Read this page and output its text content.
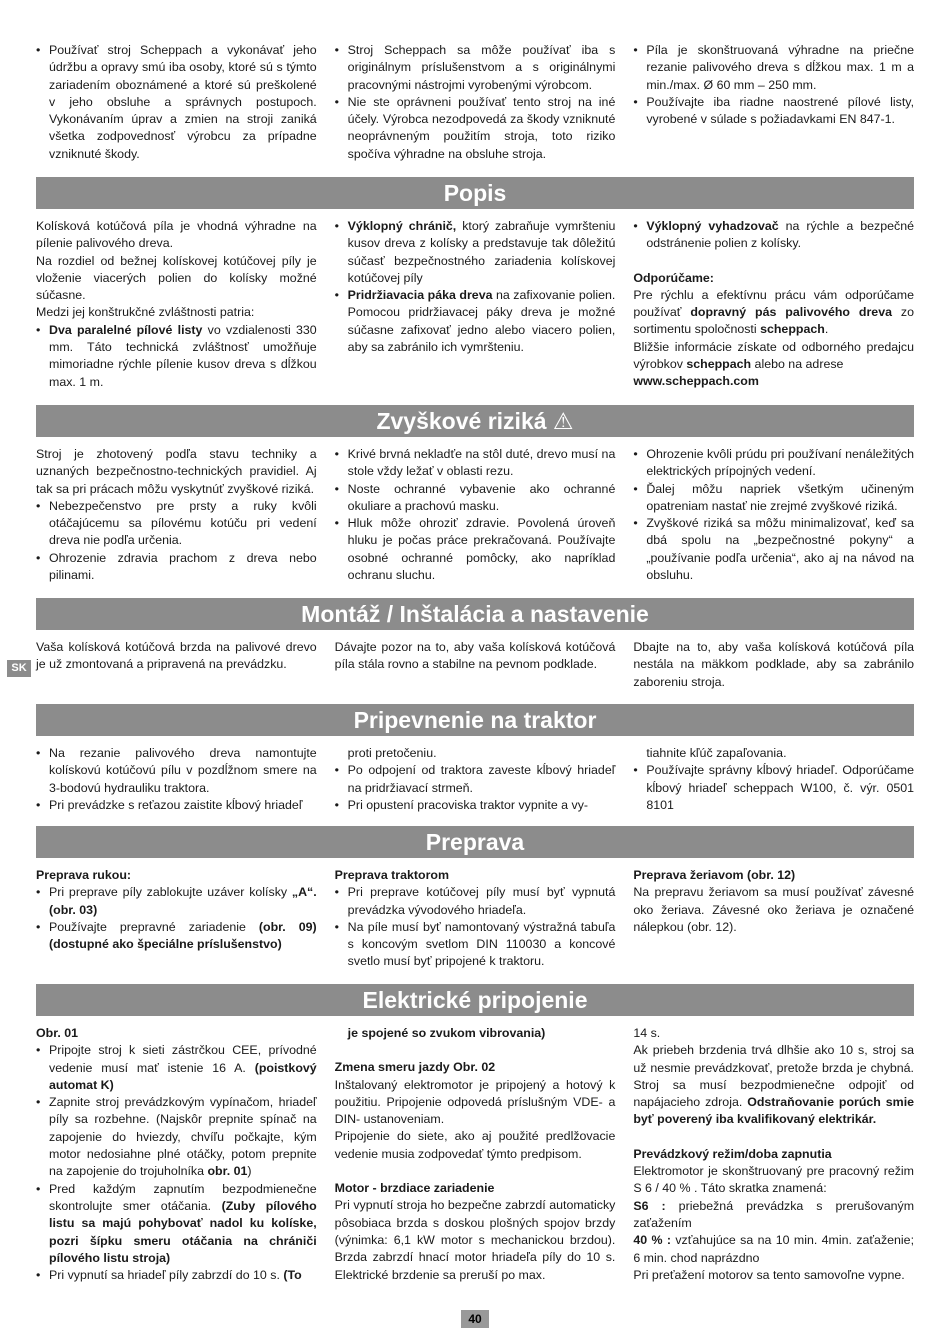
• Používať stroj Scheppach a vykonávať jeho údržbu a opravy smú iba osoby, ktoré sú s týmto zariadením oboznámené a ktoré sú preškolené v jeho obsluhe a správnych postupoch. Vykonávaním úprav a zmien na stroji zaniká všetka zodpovednosť výrobcu za prípadne vzniknuté škody.
• Stroj Scheppach sa môže používať iba s originálnym príslušenstvom a s originálnymi pracovnými nástrojmi vyrobenými výrobcom.
• Nie ste oprávneni používať tento stroj na iné účely. Výrobca nezodpovedá za škody vzniknuté neoprávneným použitím stroja, toto riziko spočíva výhradne na obsluhe stroja.
• Píla je skonštruovaná výhradne na priečne rezanie palivového dreva s dĺžkou max. 1 m a min./max. Ø 60 mm – 250 mm.
• Používajte iba riadne naostrené pílové listy, vyrobené v súlade s požiadavkami EN 847-1.
Popis

Kolísková kotúčová píla je vhodná výhradne na pílenie palivového dreva.

Na rozdiel od bežnej kolískovej kotúčovej píly je vloženie viacerých polien do kolísky možné súčasne.

Medzi jej konštrukčné zvláštnosti patria:

• Dva paralelné pílové listy vo vzdialenosti 330 mm. Táto technická zvláštnosť umožňuje mimoriadne rýchle pílenie kusov dreva s dĺžkou max. 1 m.
• Výklopný chránič, ktorý zabraňuje vymršteniu kusov dreva z kolísky a predstavuje tak dôležitú súčasť bezpečnostného zariadenia kolískovej kotúčovej píly
• Pridržiavacia páka dreva na zafixovanie polien. Pomocou pridržiavacej páky dreva je možné súčasne zafixovať jedno alebo viacero polien, aby sa zabránilo ich vymršteniu.
• Výklopný vyhadzovač na rýchle a bezpečné odstránenie polien z kolísky.

Odporúčame:

Pre rýchlu a efektívnu prácu vám odporúčame používať dopravný pás palivového dreva zo sortimentu spoločnosti scheppach.

Bližšie informácie získate od odborného predajcu výrobkov scheppach alebo na adrese

www.scheppach.com

Zvyškové riziká ⚠

Stroj je zhotovený podľa stavu techniky a uznaných bezpečnostno-technických pravidiel. Aj tak sa pri prácach môžu vyskytnúť zvyškové riziká.

• Nebezpečenstvo pre prsty a ruky kvôli otáčajúcemu sa pílovému kotúču pri vedení dreva nie podľa určenia.
• Ohrozenie zdravia prachom z dreva nebo pilinami.
• Krivé brvná nekladťe na stôl duté, drevo musí na stole vždy ležať v oblasti rezu.
• Noste ochranné vybavenie ako ochranné okuliare a prachovú masku.
• Hluk môže ohroziť zdravie. Povolená úroveň hluku je počas práce prekračovaná. Používajte osobné ochranné pomôcky, ako napríklad ochranu sluchu.
• Ohrozenie kvôli prúdu pri používaní nenáležitých elektrických prípojných vedení.
• Ďalej môžu napriek všetkým učineným opatreniam nastať nie zrejmé zvyškové riziká.
• Zvyškové riziká sa môžu minimalizovať, keď sa dbá spolu na „bezpečnostné pokyny“ a „používanie podľa určenia“, ako aj na návod na obsluhu.
Montáž / Inštalácia a nastavenie

Vaša kolísková kotúčová brzda na palivové drevo je už zmontovaná a pripravená na prevádzku.

Dávajte pozor na to, aby vaša kolísková kotúčová píla stála rovno a stabilne na pevnom podklade.

Dbajte na to, aby vaša kolísková kotúčová píla nestála na mäkkom podklade, aby sa zabránilo zaboreniu stroja.

SK
Pripevnenie na traktor
• Na rezanie palivového dreva namontujte kolískovú kotúčovú pílu v pozdĺžnom smere na 3-bodovú hydrauliku traktora.
• Pri prevádzke s reťazou zaistite kĺbový hriadeľ
proti pretočeniu.
• Po odpojení od traktora zaveste kĺbový hriadeľ na pridržiavací strmeň.
• Pri opustení pracoviska traktor vypnite a vy-
tiahnite kľúč zapaľovania.
• Používajte správny kĺbový hriadeľ. Odporúčame kĺbový hriadeľ scheppach W100, č. výr. 0501 8101
Preprava

Preprava rukou:

• Pri preprave píly zablokujte uzáver kolísky „A“. (obr. 03)
• Používajte prepravné zariadenie (obr. 09) (dostupné ako špeciálne príslušenstvo)

Preprava traktorom

• Pri preprave kotúčovej píly musí byť vypnutá prevádzka vývodového hriadeľa.
• Na píle musí byť namontovaný výstražná tabuľa s koncovým svetlom DIN 110030 a koncové svetlo musí byť pripojené k traktoru.

Preprava žeriavom (obr. 12)

Na prepravu žeriavom sa musí používať závesné oko žeriava. Závesné oko žeriava je označené nálepkou (obr. 12).

Elektrické pripojenie

Obr. 01

• Pripojte stroj k sieti zástrčkou CEE, prívodné vedenie musí mať istenie 16 A. (poistkový automat K)
• Zapnite stroj prevádzkovým vypínačom, hriadeľ píly sa rozbehne. (Najskôr prepnite spínač na zapojenie do hviezdy, chvíľu počkajte, kým motor nedosiahne plné otáčky, potom prepnite na zapojenie do trojuholníka obr. 01)
• Pred každým zapnutím bezpodmienečne skontrolujte smer otáčania. (Zuby pílového listu sa majú pohybovať nadol ku kolíske, pozri šípku smeru otáčania na chrániči pílového listu stroja)
• Pri vypnutí sa hriadeľ píly zabrzdí do 10 s. (To
je spojené so zvukom vibrovania)

Zmena smeru jazdy Obr. 02

Inštalovaný elektromotor je pripojený a hotový k použitiu. Pripojenie odpovedá príslušným VDE- a DIN- ustanoveniam.

Pripojenie do siete, ako aj použité predlžovacie vedenie musia zodpovedať týmto predpisom.

Motor - brzdiace zariadenie

Pri vypnutí stroja ho bezpečne zabrzdí automaticky pôsobiaca brzda s doskou plošných spojov brzdy (výnimka: 6,1 kW motor s mechanickou brzdou). Brzda zabrzdí hnací motor hriadeľa píly do 10 s. Elektrické brzdenie sa preruší po max.

14 s.

Ak priebeh brzdenia trvá dlhšie ako 10 s, stroj sa už nesmie prevádzkovať, pretože brzda je chybná. Stroj sa musí bezpodmienečne odpojiť od napájacieho zdroja. Odstraňovanie porúch smie byť poverený iba kvalifikovaný elektrikár.

Prevádzkový režim/doba zapnutia

Elektromotor je skonštruovaný pre pracovný režim S 6 / 40 % . Táto skratka znamená:

S6 : priebežná prevádzka s prerušovaným zaťažením

40 % : vzťahujúce sa na 10 min. 4min. zaťaženie; 6 min. chod naprázdno

Pri preťažení motorov sa tento samovoľne vypne.

40
